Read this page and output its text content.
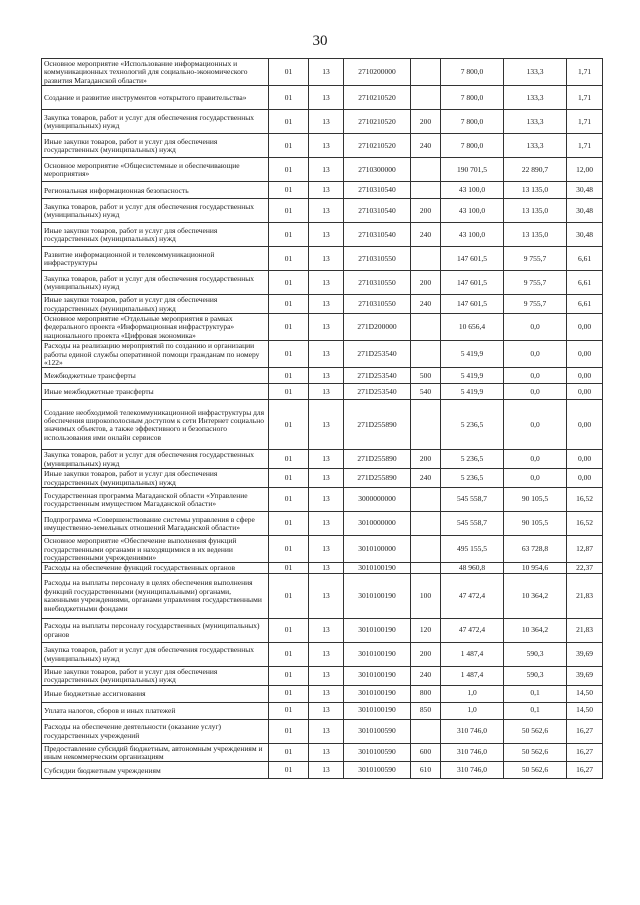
30
Основное мероприятие «Использование информационных и коммуникационных технологий для социально-экономического развития Магаданской области»	01	13	2710200000		7 800,0	133,3	1,71
Создание и развитие инструментов «открытого правительства»	01	13	2710210520		7 800,0	133,3	1,71
Закупка товаров, работ и услуг для обеспечения государственных (муниципальных) нужд	01	13	2710210520	200	7 800,0	133,3	1,71
Иные закупки товаров, работ и услуг для обеспечения государственных (муниципальных) нужд	01	13	2710210520	240	7 800,0	133,3	1,71
Основное мероприятие «Общесистемные и обеспечивающие мероприятия»	01	13	2710300000		190 701,5	22 890,7	12,00
Региональная информационная безопасность	01	13	2710310540		43 100,0	13 135,0	30,48
Закупка товаров, работ и услуг для обеспечения государственных (муниципальных) нужд	01	13	2710310540	200	43 100,0	13 135,0	30,48
Иные закупки товаров, работ и услуг для обеспечения государственных (муниципальных) нужд	01	13	2710310540	240	43 100,0	13 135,0	30,48
Развитие информационной и телекоммуникационной инфраструктуры	01	13	2710310550		147 601,5	9 755,7	6,61
Закупка товаров, работ и услуг для обеспечения государственных (муниципальных) нужд	01	13	2710310550	200	147 601,5	9 755,7	6,61
Иные закупки товаров, работ и услуг для обеспечения государственных (муниципальных) нужд	01	13	2710310550	240	147 601,5	9 755,7	6,61
Основное мероприятие «Отдельные мероприятия в рамках федерального проекта «Информационная инфраструктура» национального проекта «Цифровая экономика»	01	13	271D200000		10 656,4	0,0	0,00
Расходы на реализацию мероприятий по созданию и организации работы единой службы оперативной помощи гражданам по номеру «122»	01	13	271D253540		5 419,9	0,0	0,00
Межбюджетные трансферты	01	13	271D253540	500	5 419,9	0,0	0,00
Иные межбюджетные трансферты	01	13	271D253540	540	5 419,9	0,0	0,00
Создание необходимой телекоммуникационной инфраструктуры для обеспечения широкополосным доступом к сети Интернет социально значимых объектов, а также эффективного и безопасного использования ими онлайн сервисов	01	13	271D255890		5 236,5	0,0	0,00
Закупка товаров, работ и услуг для обеспечения государственных (муниципальных) нужд	01	13	271D255890	200	5 236,5	0,0	0,00
Иные закупки товаров, работ и услуг для обеспечения государственных (муниципальных) нужд	01	13	271D255890	240	5 236,5	0,0	0,00
Государственная программа Магаданской области «Управление государственным имуществом Магаданской области»	01	13	3000000000		545 558,7	90 105,5	16,52
Подпрограмма «Совершенствование системы управления в сфере имущественно-земельных отношений Магаданской области»	01	13	3010000000		545 558,7	90 105,5	16,52
Основное мероприятие «Обеспечение выполнения функций государственными органами и находящимися в их ведении государственными учреждениями»	01	13	3010100000		495 155,5	63 728,8	12,87
Расходы на обеспечение функций государственных органов	01	13	3010100190		48 960,8	10 954,6	22,37
Расходы на выплаты персоналу в целях обеспечения выполнения функций государственными (муниципальными) органами, казенными учреждениями, органами управления государственными внебюджетными фондами	01	13	3010100190	100	47 472,4	10 364,2	21,83
Расходы на выплаты персоналу государственных (муниципальных) органов	01	13	3010100190	120	47 472,4	10 364,2	21,83
Закупка товаров, работ и услуг для обеспечения государственных (муниципальных) нужд	01	13	3010100190	200	1 487,4	590,3	39,69
Иные закупки товаров, работ и услуг для обеспечения государственных (муниципальных) нужд	01	13	3010100190	240	1 487,4	590,3	39,69
Иные бюджетные ассигнования	01	13	3010100190	800	1,0	0,1	14,50
Уплата налогов, сборов и иных платежей	01	13	3010100190	850	1,0	0,1	14,50
Расходы на обеспечение деятельности (оказание услуг) государственных учреждений	01	13	3010100590		310 746,0	50 562,6	16,27
Предоставление субсидий бюджетным, автономным учреждениям и иным некоммерческим организациям	01	13	3010100590	600	310 746,0	50 562,6	16,27
Субсидии бюджетным учреждениям	01	13	3010100590	610	310 746,0	50 562,6	16,27
